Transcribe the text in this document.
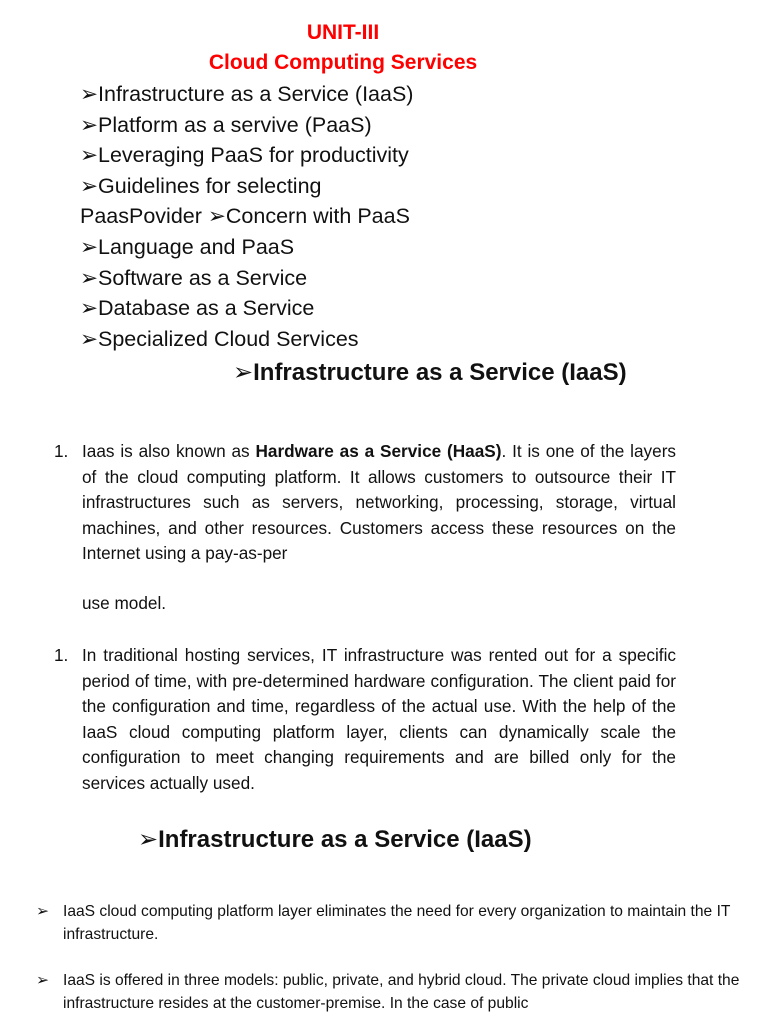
UNIT-III
Cloud Computing Services
➢Infrastructure as a Service (IaaS)
➢Platform as a servive (PaaS)
➢Leveraging PaaS for productivity
➢Guidelines for selecting
PaasPovider ➢Concern with PaaS
➢Language and PaaS
➢Software as a Service
➢Database as a Service
➢Specialized Cloud Services
➢Infrastructure as a Service (IaaS)
1. Iaas is also known as Hardware as a Service (HaaS). It is one of the layers of the cloud computing platform. It allows customers to outsource their IT infrastructures such as servers, networking, processing, storage, virtual machines, and other resources. Customers access these resources on the Internet using a pay-as-per
use model.
1. In traditional hosting services, IT infrastructure was rented out for a specific period of time, with pre-determined hardware configuration. The client paid for the configuration and time, regardless of the actual use. With the help of the IaaS cloud computing platform layer, clients can dynamically scale the configuration to meet changing requirements and are billed only for the services actually used.
➢Infrastructure as a Service (IaaS)
➢ IaaS cloud computing platform layer eliminates the need for every organization to maintain the IT infrastructure.
➢ IaaS is offered in three models: public, private, and hybrid cloud. The private cloud implies that the infrastructure resides at the customer-premise. In the case of public
